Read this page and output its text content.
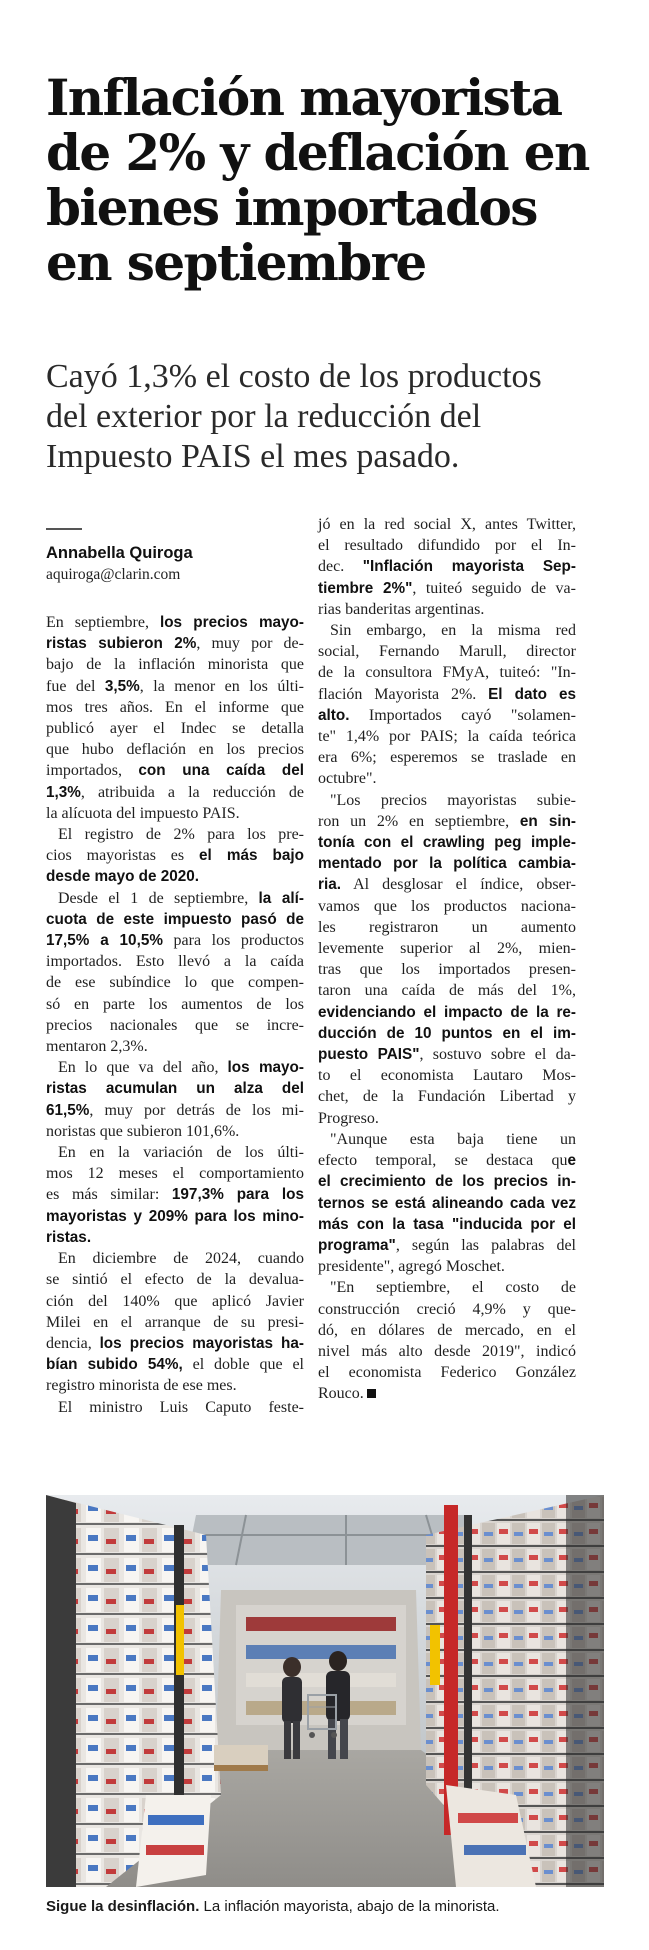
Inflación mayorista
de 2% y deflación en
bienes importados
en septiembre

Cayó 1,3% el costo de los productos
del exterior por la reducción del
Impuesto PAIS el mes pasado.

Annabella Quiroga
aquiroga@clarin.com
En septiembre, los precios mayo-
ristas subieron 2%, muy por de-
bajo de la inflación minorista que
fue del 3,5%, la menor en los últi-
mos tres años. En el informe que
publicó ayer el Indec se detalla
que hubo deflación en los precios
importados, con una caída del
1,3%, atribuida a la reducción de
la alícuota del impuesto PAIS.
El registro de 2% para los pre-
cios mayoristas es el más bajo
desde mayo de 2020.
Desde el 1 de septiembre, la alí-
cuota de este impuesto pasó de
17,5% a 10,5% para los productos
importados. Esto llevó a la caída
de ese subíndice lo que compen-
só en parte los aumentos de los
precios nacionales que se incre-
mentaron 2,3%.
En lo que va del año, los mayo-
ristas acumulan un alza del
61,5%, muy por detrás de los mi-
noristas que subieron 101,6%.
En en la variación de los últi-
mos 12 meses el comportamiento
es más similar: 197,3% para los
mayoristas y 209% para los mino-
ristas.
En diciembre de 2024, cuando
se sintió el efecto de la devalua-
ción del 140% que aplicó Javier
Milei en el arranque de su presi-
dencia, los precios mayoristas ha-
bían subido 54%, el doble que el
registro minorista de ese mes.
El ministro Luis Caputo feste-
jó en la red social X, antes Twitter,
el resultado difundido por el In-
dec. "Inflación mayorista Sep-
tiembre 2%", tuiteó seguido de va-
rias banderitas argentinas.
Sin embargo, en la misma red
social, Fernando Marull, director
de la consultora FMyA, tuiteó: "In-
flación Mayorista 2%. El dato es
alto. Importados cayó "solamen-
te" 1,4% por PAIS; la caída teórica
era 6%; esperemos se traslade en
octubre".
"Los precios mayoristas subie-
ron un 2% en septiembre, en sin-
tonía con el crawling peg imple-
mentado por la política cambia-
ria. Al desglosar el índice, obser-
vamos que los productos naciona-
les registraron un aumento
levemente superior al 2%, mien-
tras que los importados presen-
taron una caída de más del 1%,
evidenciando el impacto de la re-
ducción de 10 puntos en el im-
puesto PAIS", sostuvo sobre el da-
to el economista Lautaro Mos-
chet, de la Fundación Libertad y
Progreso.
"Aunque esta baja tiene un
efecto temporal, se destaca que
el crecimiento de los precios in-
ternos se está alineando cada vez
más con la tasa "inducida por el
programa", según las palabras del
presidente", agregó Moschet.
"En septiembre, el costo de
construcción creció 4,9% y que-
dó, en dólares de mercado, en el
nivel más alto desde 2019", indicó
el economista Federico González
Rouco.
Sigue la desinflación. La inflación mayorista, abajo de la minorista.
